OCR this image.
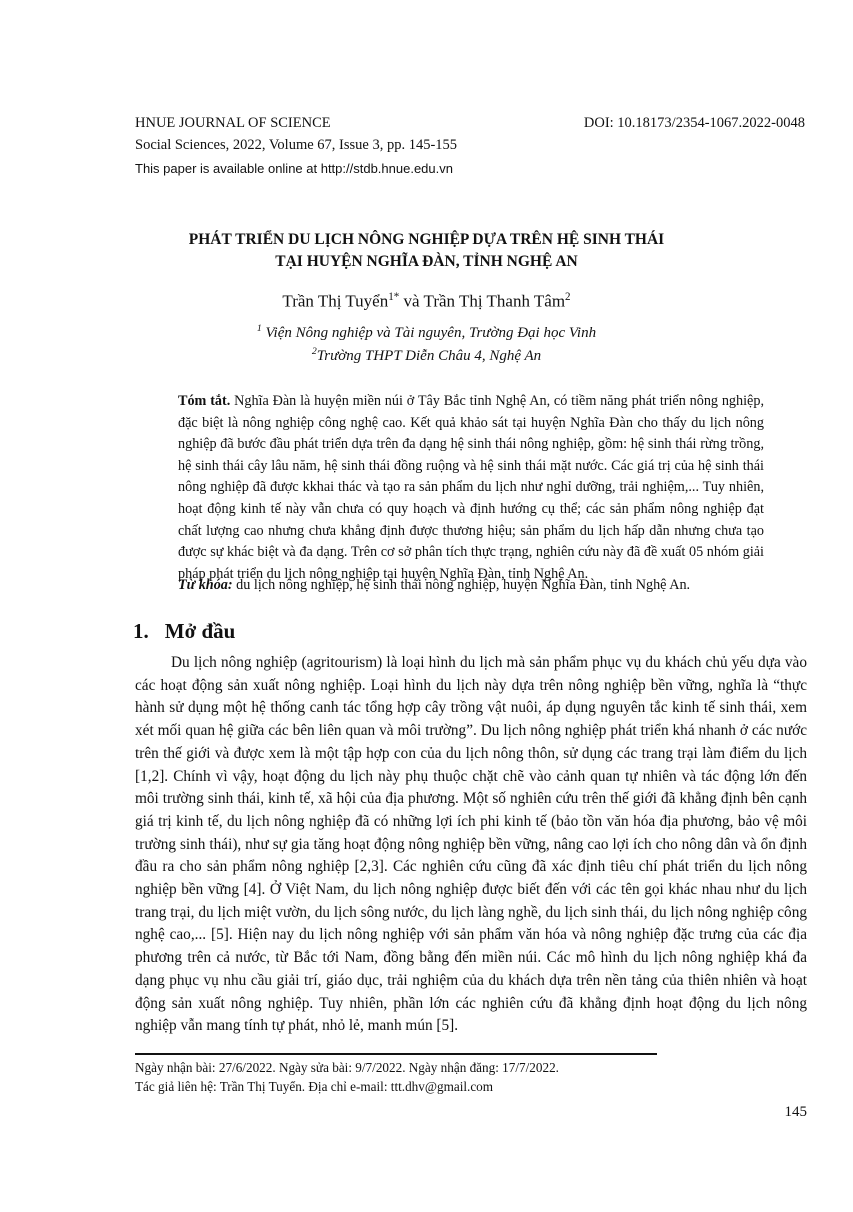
HNUE JOURNAL OF SCIENCE	DOI: 10.18173/2354-1067.2022-0048
Social Sciences, 2022, Volume 67, Issue 3, pp. 145-155
This paper is available online at http://stdb.hnue.edu.vn
PHÁT TRIỂN DU LỊCH NÔNG NGHIỆP DỰA TRÊN HỆ SINH THÁI
TẠI HUYỆN NGHĨA ĐÀN, TỈNH NGHỆ AN
Trần Thị Tuyển$^{1*}$ và Trần Thị Thanh Tâm$^2$
$^1$ Viện Nông nghiệp và Tài nguyên, Trường Đại học Vinh
$^2$Trường THPT Diễn Châu 4, Nghệ An

Tóm tắt. Nghĩa Đàn là huyện miền núi ở Tây Bắc tỉnh Nghệ An, có tiềm năng phát triển nông nghiệp, đặc biệt là nông nghiệp công nghệ cao. Kết quả khảo sát tại huyện Nghĩa Đàn cho thấy du lịch nông nghiệp đã bước đầu phát triển dựa trên đa dạng hệ sinh thái nông nghiệp, gồm: hệ sinh thái rừng trồng, hệ sinh thái cây lâu năm, hệ sinh thái đồng ruộng và hệ sinh thái mặt nước. Các giá trị của hệ sinh thái nông nghiệp đã được kkhai thác và tạo ra sản phẩm du lịch như nghỉ dưỡng, trải nghiệm,... Tuy nhiên, hoạt động kinh tế này vẫn chưa có quy hoạch và định hướng cụ thể; các sản phẩm nông nghiệp đạt chất lượng cao nhưng chưa khẳng định được thương hiệu; sản phẩm du lịch hấp dẫn nhưng chưa tạo được sự khác biệt và đa dạng. Trên cơ sở phân tích thực trạng, nghiên cứu này đã đề xuất 05 nhóm giải pháp phát triển du lịch nông nghiệp tại huyện Nghĩa Đàn, tỉnh Nghệ An.

Từ khóa: du lịch nông nghiệp, hệ sinh thái nông nghiệp, huyện Nghĩa Đàn, tỉnh Nghệ An.
1. Mở đầu

Du lịch nông nghiệp (agritourism) là loại hình du lịch mà sản phẩm phục vụ du khách chủ yếu dựa vào các hoạt động sản xuất nông nghiệp. Loại hình du lịch này dựa trên nông nghiệp bền vững, nghĩa là “thực hành sử dụng một hệ thống canh tác tổng hợp cây trồng vật nuôi, áp dụng nguyên tắc kinh tế sinh thái, xem xét mối quan hệ giữa các bên liên quan và môi trường”. Du lịch nông nghiệp phát triển khá nhanh ở các nước trên thế giới và được xem là một tập hợp con của du lịch nông thôn, sử dụng các trang trại làm điểm du lịch [1,2]. Chính vì vậy, hoạt động du lịch này phụ thuộc chặt chẽ vào cảnh quan tự nhiên và tác động lớn đến môi trường sinh thái, kinh tế, xã hội của địa phương. Một số nghiên cứu trên thế giới đã khẳng định bên cạnh giá trị kinh tế, du lịch nông nghiệp đã có những lợi ích phi kinh tế (bảo tồn văn hóa địa phương, bảo vệ môi trường sinh thái), như sự gia tăng hoạt động nông nghiệp bền vững, nâng cao lợi ích cho nông dân và ổn định đầu ra cho sản phẩm nông nghiệp [2,3]. Các nghiên cứu cũng đã xác định tiêu chí phát triển du lịch nông nghiệp bền vững [4]. Ở Việt Nam, du lịch nông nghiệp được biết đến với các tên gọi khác nhau như du lịch trang trại, du lịch miệt vườn, du lịch sông nước, du lịch làng nghề, du lịch sinh thái, du lịch nông nghiệp công nghệ cao,... [5]. Hiện nay du lịch nông nghiệp với sản phẩm văn hóa và nông nghiệp đặc trưng của các địa phương trên cả nước, từ Bắc tới Nam, đồng bằng đến miền núi. Các mô hình du lịch nông nghiệp khá đa dạng phục vụ nhu cầu giải trí, giáo dục, trải nghiệm của du khách dựa trên nền tảng của thiên nhiên và hoạt động sản xuất nông nghiệp. Tuy nhiên, phần lớn các nghiên cứu đã khẳng định hoạt động du lịch nông nghiệp vẫn mang tính tự phát, nhỏ lẻ, manh mún [5].

Ngày nhận bài: 27/6/2022. Ngày sửa bài: 9/7/2022. Ngày nhận đăng: 17/7/2022.
Tác giả liên hệ: Trần Thị Tuyển. Địa chỉ e-mail: ttt.dhv@gmail.com
145
